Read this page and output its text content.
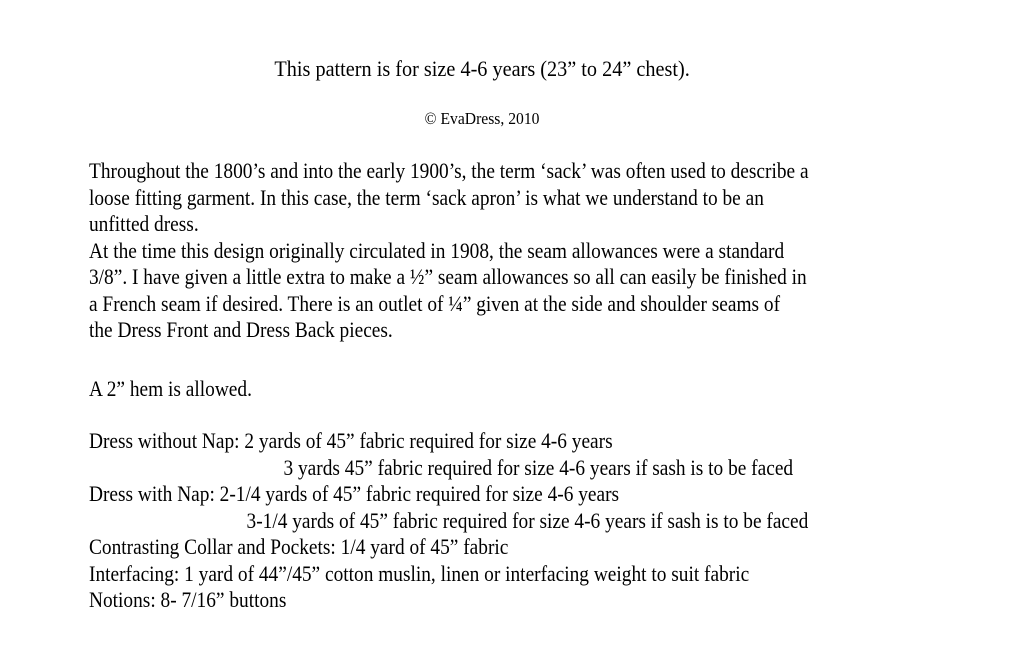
This pattern is for size 4-6 years (23” to 24” chest).
© EvaDress, 2010
Throughout the 1800’s and into the early 1900’s, the term ‘sack’ was often used to describe a
loose fitting garment. In this case, the term ‘sack apron’ is what we understand to be an
unfitted dress.
At the time this design originally circulated in 1908, the seam allowances were a standard
3/8”. I have given a little extra to make a ½” seam allowances so all can easily be finished in
a French seam if desired. There is an outlet of ¼” given at the side and shoulder seams of
the Dress Front and Dress Back pieces.
A 2” hem is allowed.
Dress without Nap: 2 yards of 45” fabric required for size 4-6 years
3 yards 45” fabric required for size 4-6 years if sash is to be faced
Dress with Nap: 2-1/4 yards of 45” fabric required for size 4-6 years
3-1/4 yards of 45” fabric required for size 4-6 years if sash is to be faced
Contrasting Collar and Pockets: 1/4 yard of 45” fabric
Interfacing: 1 yard of 44”/45” cotton muslin, linen or interfacing weight to suit fabric
Notions: 8- 7/16” buttons
